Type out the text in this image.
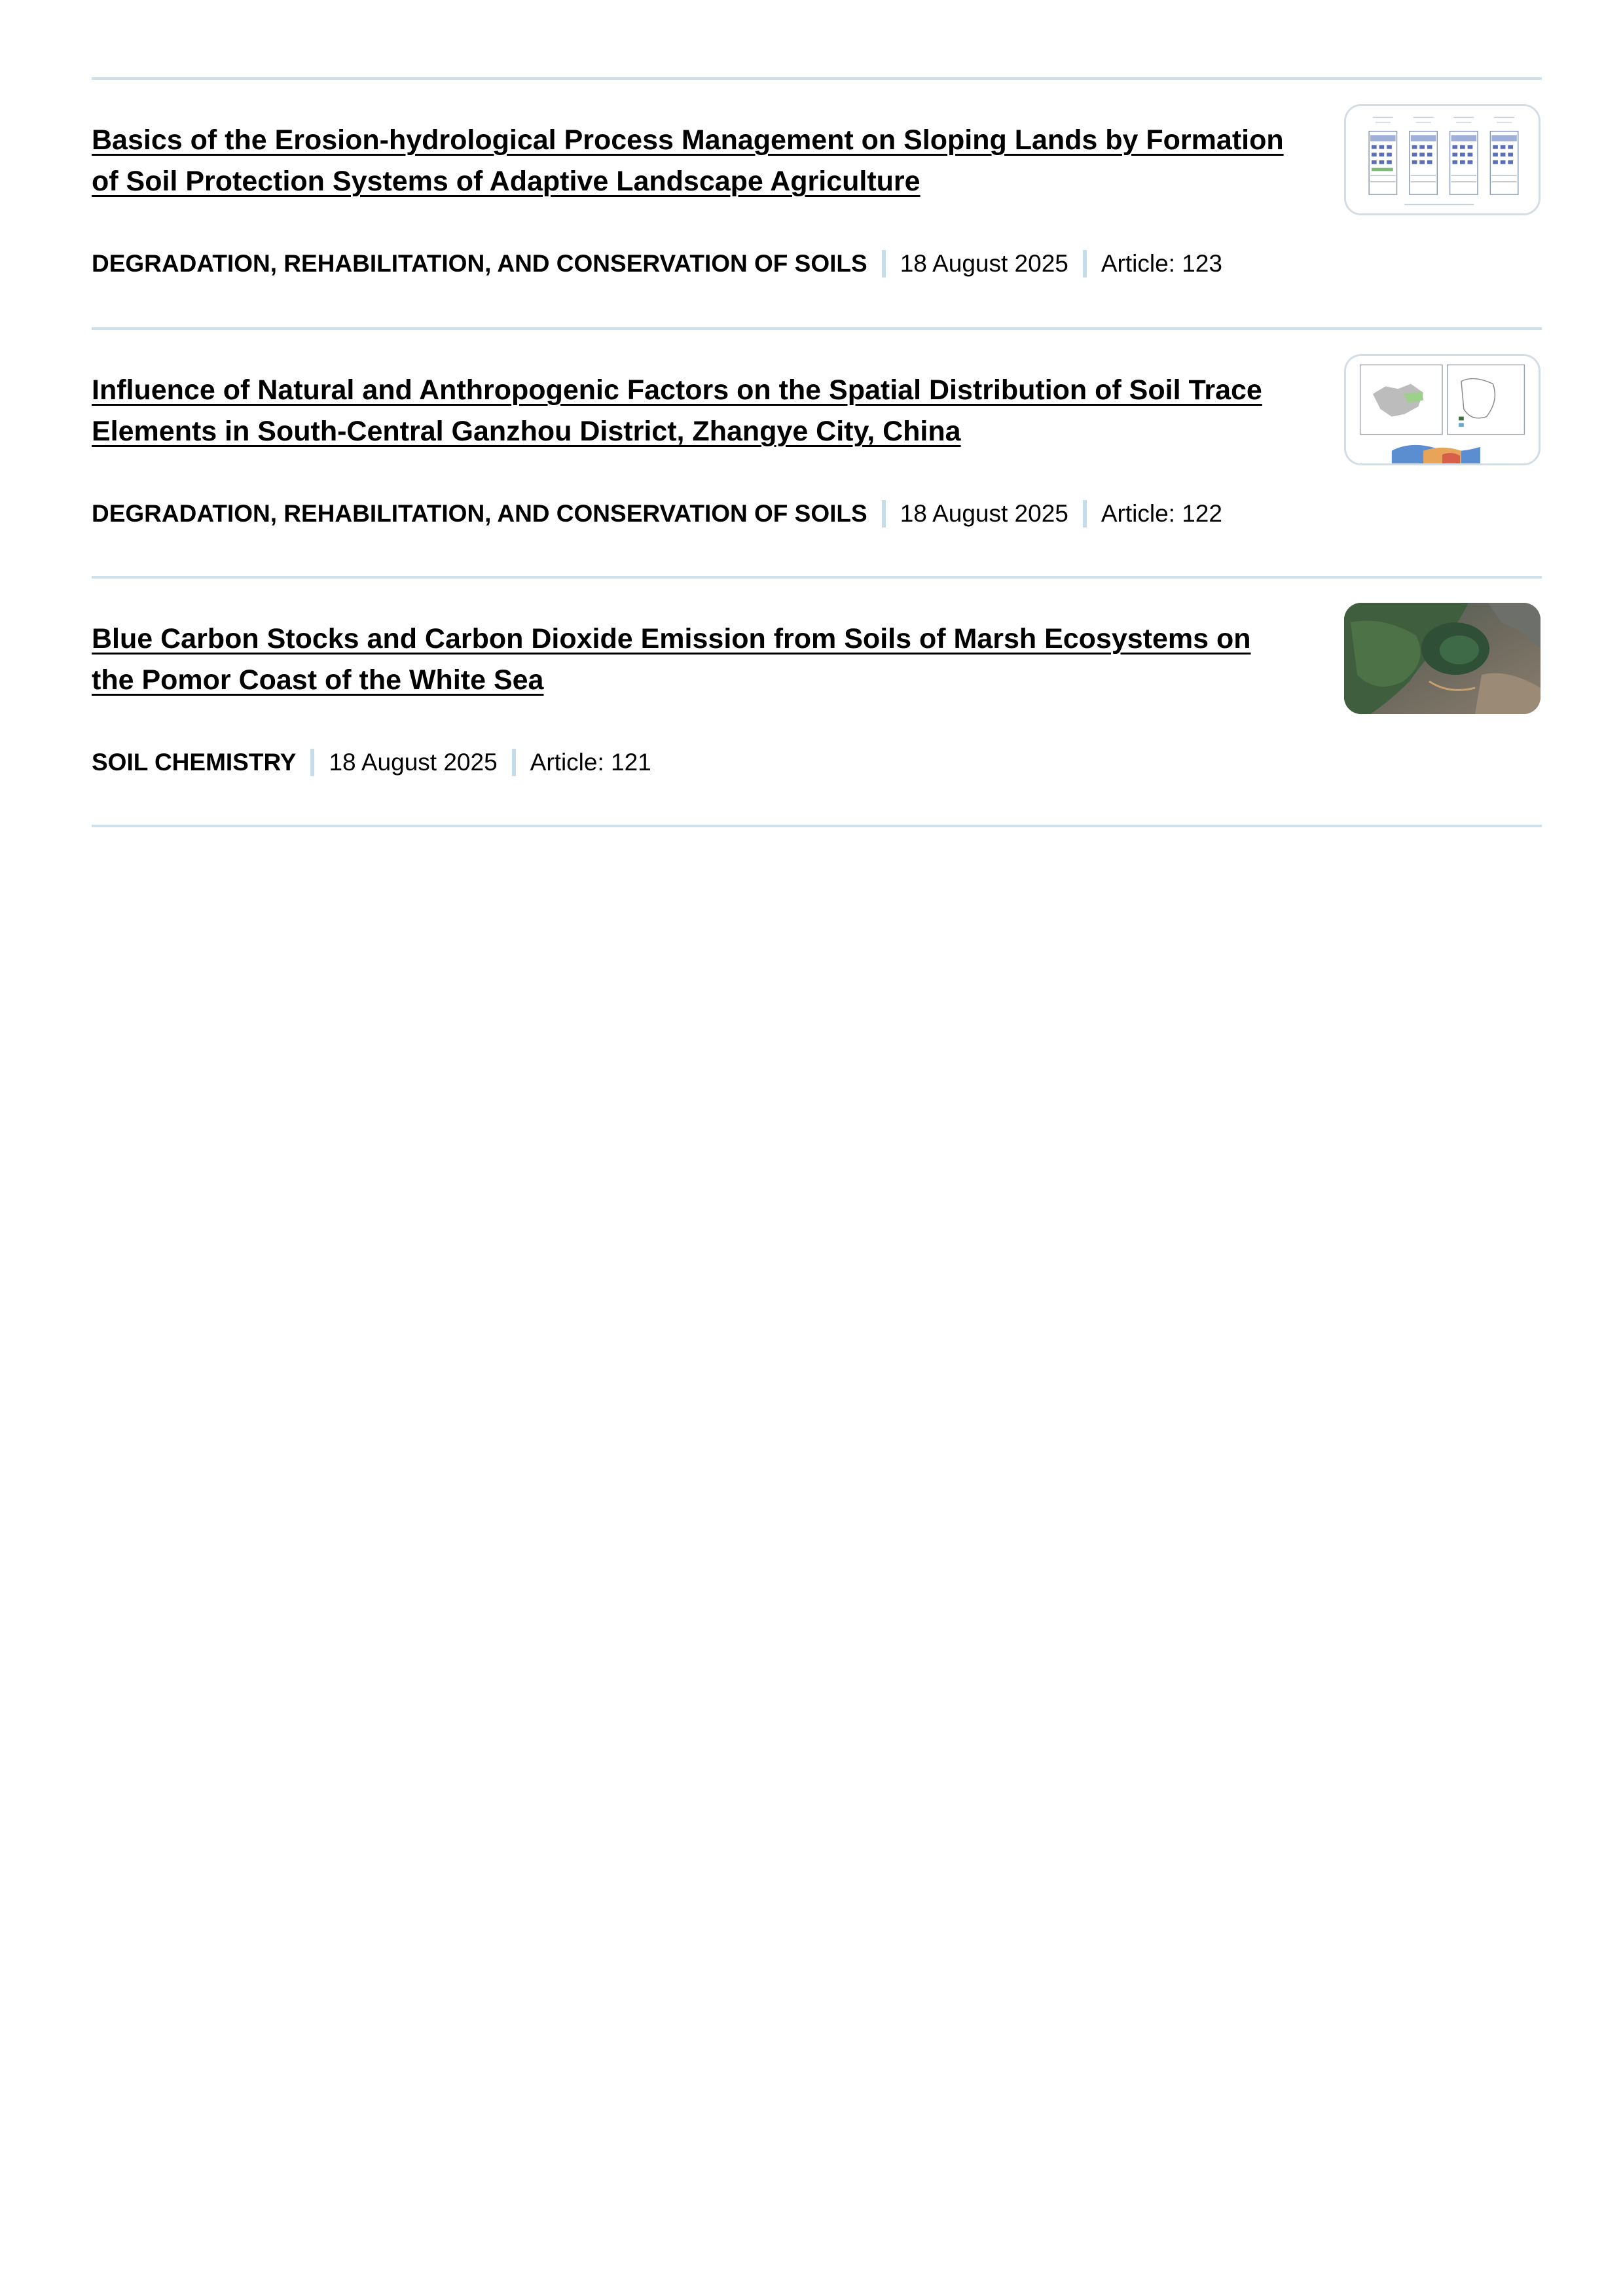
Basics of the Erosion-hydrological Process Management on Sloping Lands by Formation of Soil Protection Systems of Adaptive Landscape Agriculture
DEGRADATION, REHABILITATION, AND CONSERVATION OF SOILS 18 August 2025 Article: 123
Influence of Natural and Anthropogenic Factors on the Spatial Distribution of Soil Trace Elements in South-Central Ganzhou District, Zhangye City, China
DEGRADATION, REHABILITATION, AND CONSERVATION OF SOILS 18 August 2025 Article: 122
Blue Carbon Stocks and Carbon Dioxide Emission from Soils of Marsh Ecosystems on the Pomor Coast of the White Sea
SOIL CHEMISTRY 18 August 2025 Article: 121
